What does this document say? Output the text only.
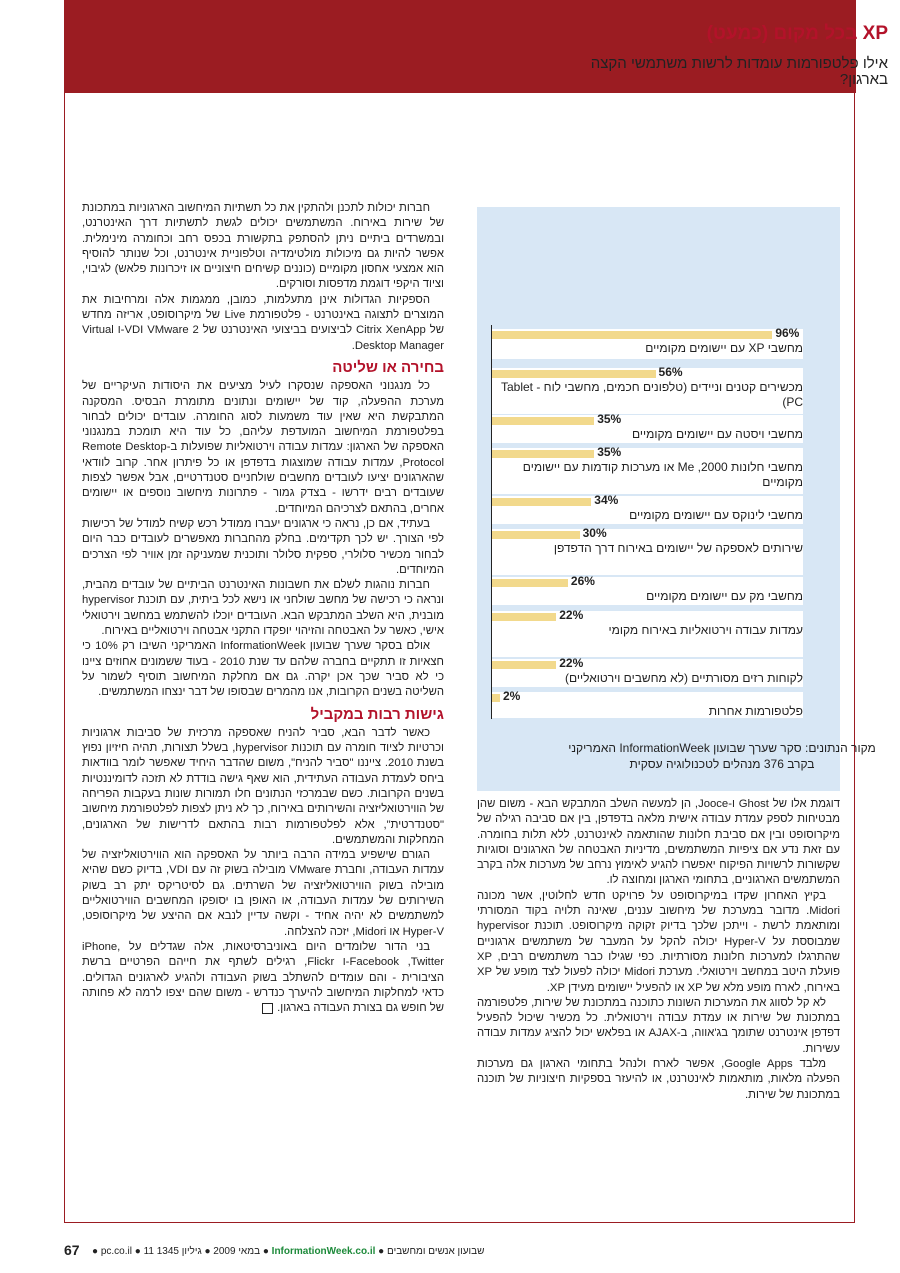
חברות יכולות לתכנן ולהתקין את כל תשתיות המיחשוב הארגוניות במתכונת של שירות באירוח. המשתמשים יכולים לגשת לתשתיות דרך האינטרנט, ובמשרדים ביתיים ניתן להסתפק בתקשורת בכפס רחב וכחומרה מינימלית. אפשר להיות גם מיכולות מולטימדיה וטלפוניית אינטרנט, וכל שנותר להוסיף הוא אמצעי אחסון מקומיים (כוננים קשיחים חיצוניים או זיכרונות פלאש) לגיבוי, וציוד היקפי דוגמת מדפסות וסורקים.

הספקיות הגדולות אינן מתעלמות, כמובן, ממגמות אלה ומרחיבות את המוצרים לתצוגה באינטרנט - פלטפורמת Live של מיקרוסופט, אריזה מחדש של Citrix XenApp לביצועים בביצועי האינטרנט של VDI VMware 2-ו Virtual Desktop Manager.

בחירה או שליטה

כל מנגנוני האספקה שנסקרו לעיל מציעים את היסודות העיקריים של מערכת ההפעלה, קוד של יישומים ונתונים מתומרת הבסיס. המסקנה המתבקשת היא שאין עוד משמעות לסוג החומרה. עובדים יכולים לבחור בפלטפורמת המיחשוב המועדפת עליהם, כל עוד היא תומכת במנגנוני האספקה של הארגון: עמדות עבודה וירטואליות שפועלות ב-Remote Desktop Protocol, עמדות עבודה שמוצגות בדפדפן או כל פיתרון אחר. קרוב לוודאי שהארגונים יציעו לעובדים מחשבים שולחניים סטנדרטיים, אבל אפשר לצפות שעובדים רבים ידרשו - בצדק גמור - פתרונות מיחשוב נוספים או יישומים אחרים, בהתאם לצרכיהם המיוחדים.

בעתיד, אם כן, נראה כי ארגונים יעברו ממודל רכש קשיח למודל של רכישות לפי הצורך. יש לכך תקדימים. בחלק מהחברות מאפשרים לעובדים כבר היום לבחור מכשיר סלולרי, ספקית סלולר ותוכנית שמעניקה זמן אוויר לפי הצרכים המיוחדים.

חברות נוהגות לשלם את חשבונות האינטרנט הביתיים של עובדים מהבית, ונראה כי רכישה של מחשב שולחני או נישא לכל ביתית, עם תוכנת hypervisor מובנית, היא השלב המתבקש הבא. העובדים יוכלו להשתמש במחשב וירטואלי אישי, כאשר על האבטחה והזיהוי יופקדו התקני אבטחה וירטואליים באירוח.

אולם בסקר שערך שבועון InformationWeek האמריקני השיבו רק 10% כי חצאיות זו תתקיים בחברה שלהם עד שנת 2010 - בעוד ששמונים אחוזים ציינו כי לא סביר שכך אכן יקרה. גם אם מחלקת המיחשוב תוסיף לשמור על השליטה בשנים הקרובות, אנו מהמרים שבסופו של דבר ינצחו המשתמשים.

גישות רבות במקביל

כאשר לדבר הבא, סביר להניח שאספקה מרכזית של סביבות ארגוניות וכרטיות לציוד חומרה עם תוכנות hypervisor, בשלל תצורות, תהיה חיזיון נפוץ בשנת 2010. צייננו "סביר להניח", משום שהדבר היחיד שאפשר לומר בוודאות ביחס לעמדת העבודה העתידית, הוא שאף גישה בודדת לא תזכה לדומיננטיות בשנים הקרובות. כשם שבמרכזי הנתונים חלו תמורות שונות בעקבות הפריחה של הווירטואליזציה והשירותים באירוח, כך לא ניתן לצפות לפלטפורמת מיחשוב "סטנדרטית", אלא לפלטפורמות רבות בהתאם לדרישות של הארגונים, המחלקות והמשתמשים.

הגורם שישפיע במידה הרבה ביותר על האספקה הוא הווירטואליזציה של עמדות העבודה, וחברת VMware מובילה בשוק זה עם VDI, בדיוק כשם שהיא מובילה בשוק הווירטואליזציה של השרתים. גם לסיטריקס יתק רב בשוק השירותים של עמדות העבודה, או האופן בו יסופקו המחשבים הווירטואליים למשתמשים לא יהיה אחיד - וקשה עדיין לנבא אם ההיצע של מיקרוסופט, Hyper-V או Midori, יזכה להצלחה.

בני הדור שלומדים היום באוניברסיטאות, אלה שגדלים על iPhone, Facebook ,Twitter-ו Flickr, רגילים לשתף את חייהם הפרטיים ברשת הציבורית - והם עומדים להשתלב בשוק העבודה ולהגיע לארגונים הגדולים. כדאי למחלקות המיחשוב להיערך כנדרש - משום שהם יצפו לרמה לא פחותה של חופש גם בצורת העבודה בארגון.

XP בכל מקום (כמעט)
אילו פלטפורמות עומדות לרשות משתמשי הקצה בארגון?
96%
מחשבי XP עם יישומים מקומיים
56%
מכשירים קטנים וניידים (טלפונים חכמים, מחשבי לוח - Tablet PC)
35%
מחשבי ויסטה עם יישומים מקומיים
35%
מחשבי חלונות 2000, Me או מערכות קודמות עם יישומים מקומיים
34%
מחשבי לינוקס עם יישומים מקומיים
30%
שירותים לאספקה של יישומים באירוח דרך הדפדפן
26%
מחשבי מק עם יישומים מקומיים
22%
עמדות עבודה וירטואליות באירוח מקומי
22%
לקוחות רזים מסורתיים (לא מחשבים וירטואליים)
2%
פלטפורמות אחרות
מקור הנתונים: סקר שערך שבועון InformationWeek האמריקני בקרב 376 מנהלים לטכנולוגיה עסקית

דוגמת אלו של Ghost ו-Jooce, הן למעשה השלב המתבקש הבא - משום שהן מבטיחות לספק עמדת עבודה אישית מלאה בדפדפן, בין אם סביבה רגילה של מיקרוסופט ובין אם סביבת חלונות שהותאמה לאינטרנט, ללא תלות בחומרה. עם זאת נדע אם ציפיות המשתמשים, מדיניות האבטחה של הארגונים וסוגיות שקשורות לרשויות הפיקוח יאפשרו להגיע לאימוץ נרחב של מערכות אלה בקרב המשתמשים הארגוניים, בתחומי הארגון ומחוצה לו.

בקיץ האחרון שקדו במיקרוסופט על פרויקט חדש לחלוטין, אשר מכונה Midori. מדובר במערכת של מיחשוב עננים, שאינה תלויה בקוד המסורתי ומותאמת לרשת - וייתכן שלכך בדיוק זקוקה מיקרוסופט. תוכנת hypervisor שמבוססת על Hyper-V יכולה להקל על המעבר של משתמשים ארגוניים שהתרגלו למערכות חלונות מסורתיות. כפי שגילו כבר משתמשים רבים, XP פועלת היטב במחשב וירטואלי. מערכת Midori יכולה לפעול לצד מופע של XP באירוח, לארח מופע מלא של XP או להפעיל יישומים מעידן XP.

לא קל לסווג את המערכות השונות כתוכנה במתכונת של שירות, פלטפורמה במתכונת של שירות או עמדת עבודה וירטואלית. כל מכשיר שיכול להפעיל דפדפן אינטרנט שתומך בג'אווה, ב-AJAX או בפלאש יכול להציג עמדות עבודה עשירות.

מלבד Google Apps, אפשר לארח ולנהל בתחומי הארגון גם מערכות הפעלה מלאות, מותאמות לאינטרנט, או להיעזר בספקיות חיצוניות של תוכנה במתכונת של שירות.

67 ● pc.co.il ● 11 במאי 2009 ● גיליון 1345	● InformationWeek.co.il ● שבועון אנשים ומחשבים
